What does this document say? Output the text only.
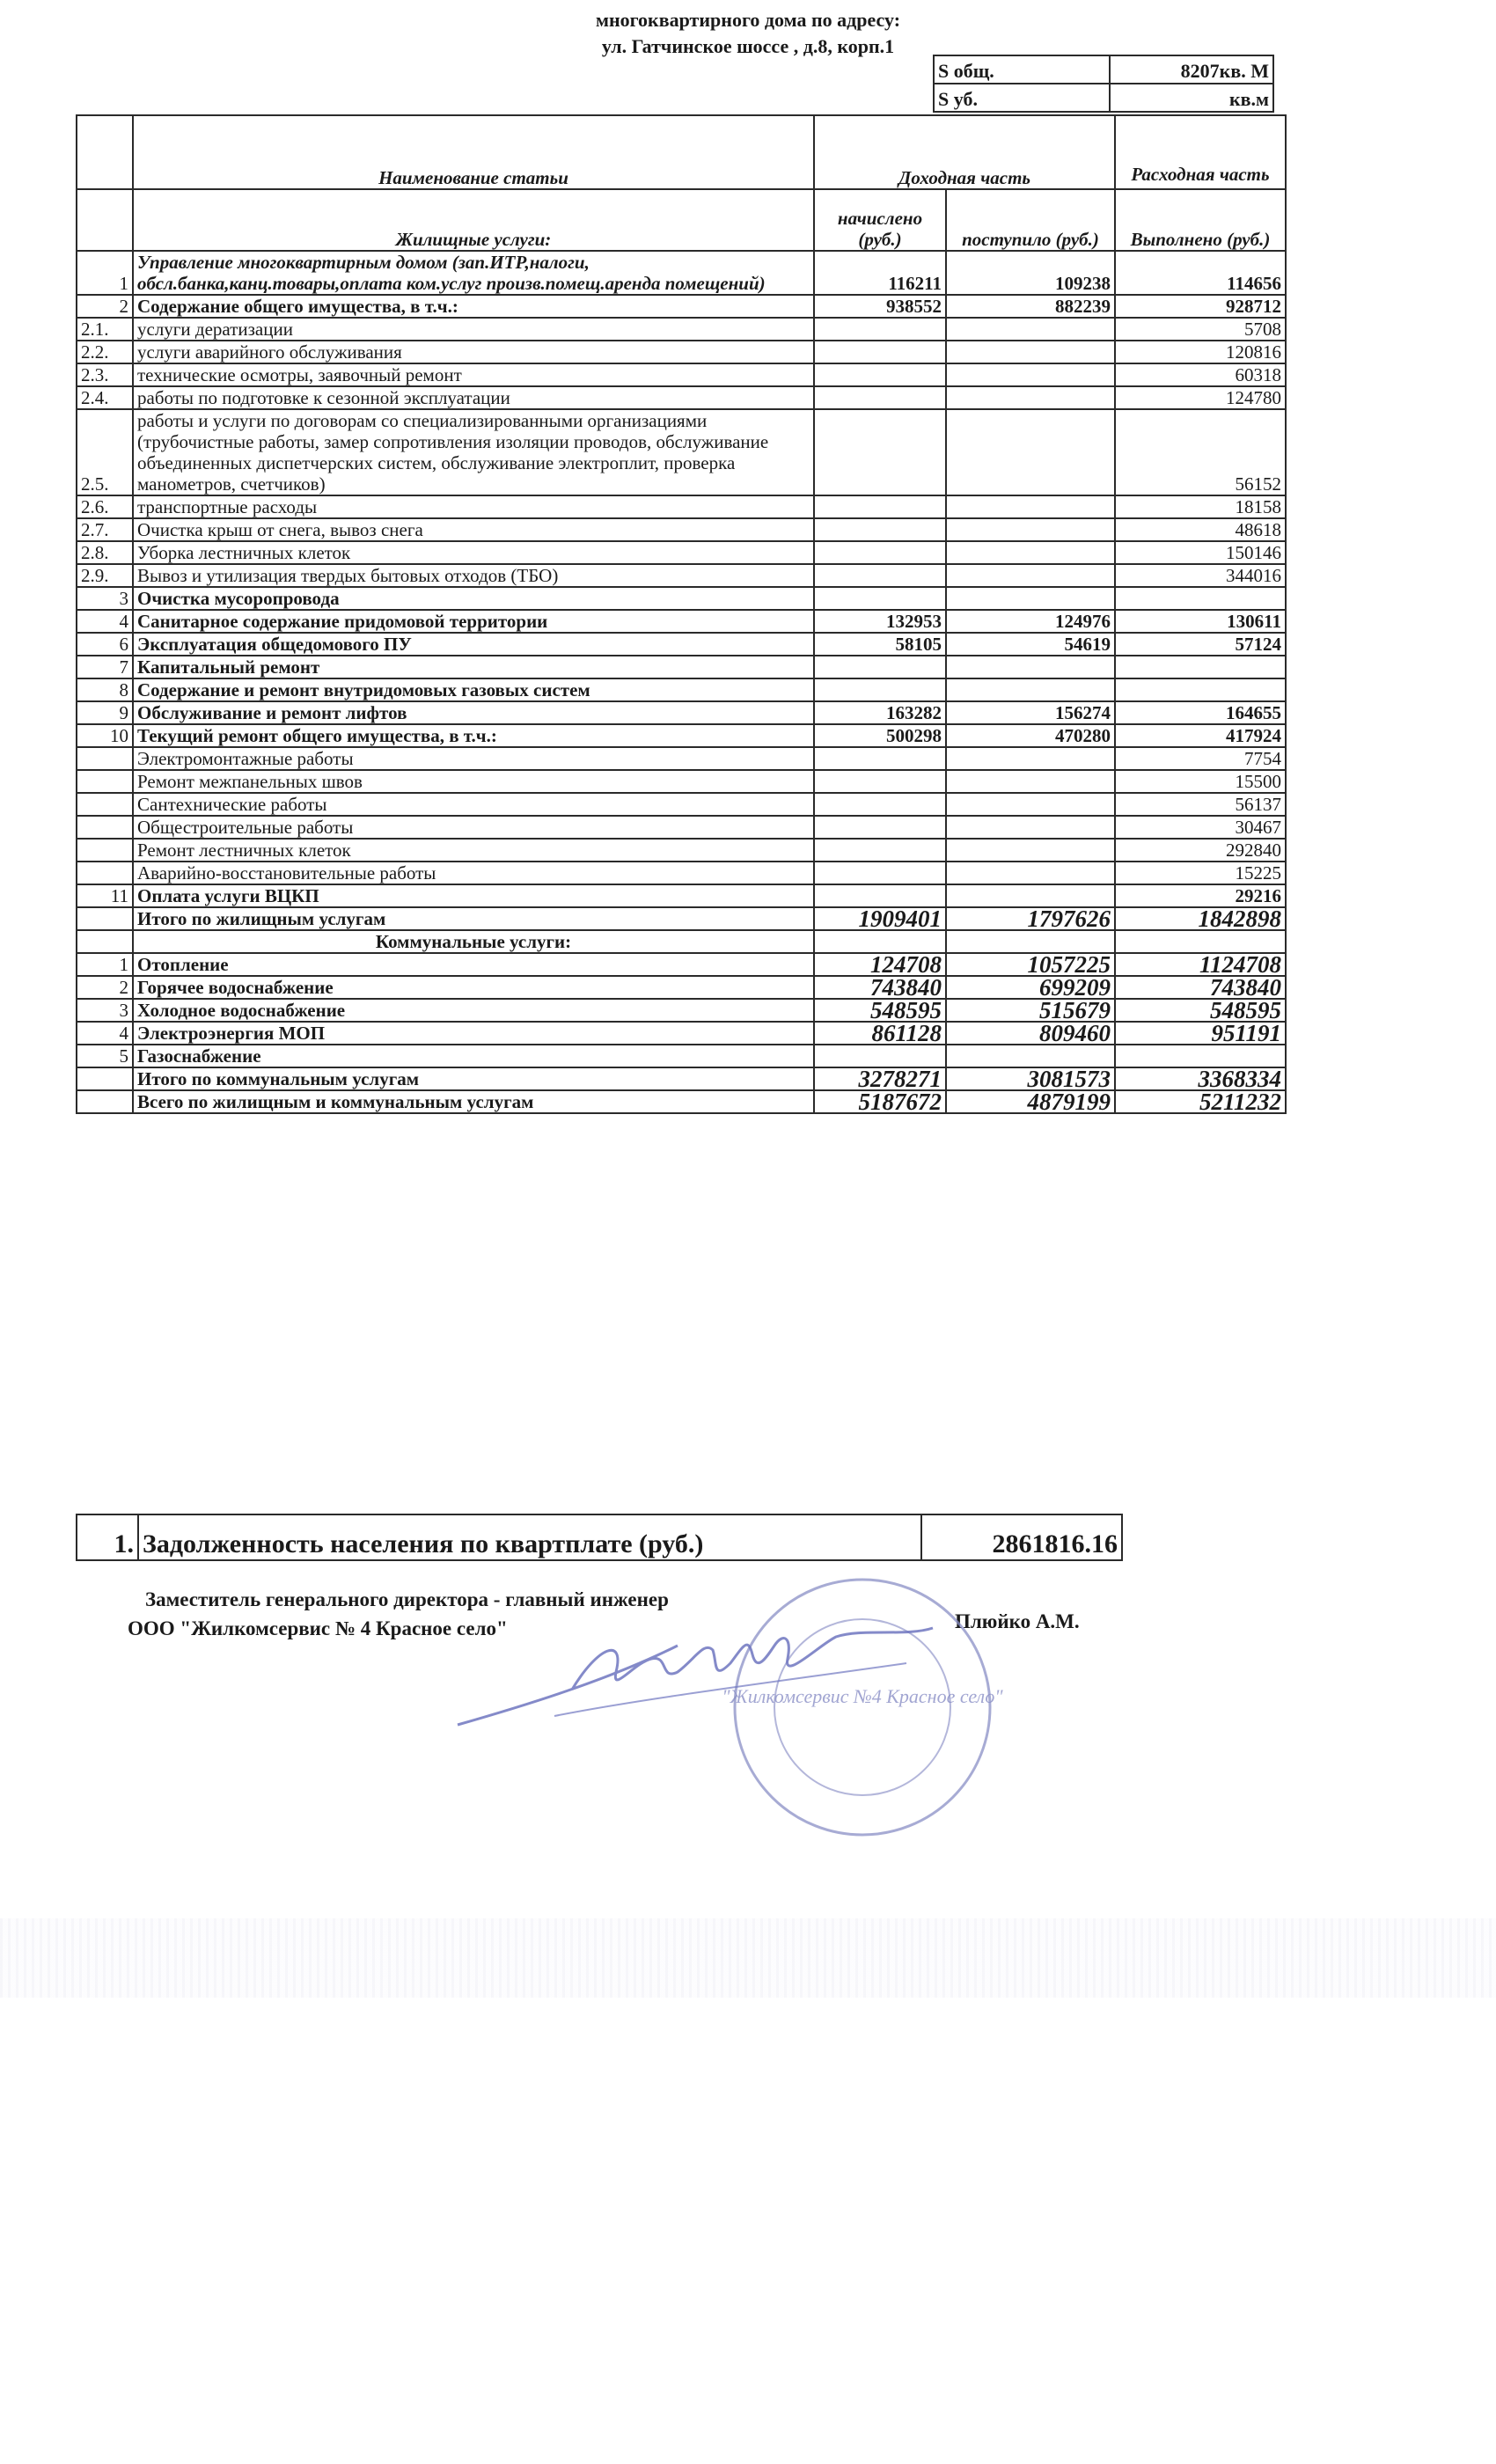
многоквартирного дома по адресу:
ул. Гатчинское шоссе , д.8, корп.1
S общ.	8207кв. М
S уб.	кв.м
	Наименование статьи	Доходная часть		Расходная часть
	Жилищные услуги:	начислено (руб.)	поступило (руб.)	Выполнено (руб.)
1	Управление многоквартирным домом (зап.ИТР,налоги, обсл.банка,канц.товары,оплата ком.услуг произв.помещ.аренда помещений)	116211	109238	114656
2	Содержание общего имущества, в т.ч.:	938552	882239	928712
2.1.	услуги дератизации			5708
2.2.	услуги аварийного обслуживания			120816
2.3.	технические осмотры, заявочный ремонт			60318
2.4.	работы по подготовке к сезонной эксплуатации			124780
2.5.	работы и услуги по договорам со специализированными организациями (трубочистные работы, замер сопротивления изоляции проводов, обслуживание объединенных диспетчерских систем, обслуживание электроплит, проверка манометров, счетчиков)			56152
2.6.	транспортные расходы			18158
2.7.	Очистка крыш от снега, вывоз снега			48618
2.8.	Уборка лестничных клеток			150146
2.9.	Вывоз и утилизация твердых бытовых отходов (ТБО)			344016
3	Очистка мусоропровода			
4	Санитарное содержание придомовой территории	132953	124976	130611
6	Эксплуатация общедомового ПУ	58105	54619	57124
7	Капитальный ремонт			
8	Содержание и ремонт внутридомовых газовых систем			
9	Обслуживание и ремонт лифтов	163282	156274	164655
10	Текущий ремонт общего имущества, в т.ч.:	500298	470280	417924
	Электромонтажные работы			7754
	Ремонт межпанельных швов			15500
	Сантехнические работы			56137
	Общестроительные работы			30467
	Ремонт лестничных клеток			292840
	Аварийно-восстановительные работы			15225
11	Оплата услуги ВЦКП			29216
	Итого по жилищным услугам	1909401	1797626	1842898
	Коммунальные услуги:			
1	Отопление	124708	1057225	1124708
2	Горячее водоснабжение	743840	699209	743840
3	Холодное водоснабжение	548595	515679	548595
4	Электроэнергия МОП	861128	809460	951191
5	Газоснабжение			
	Итого по коммунальным услугам	3278271	3081573	3368334
	Всего по жилищным и коммунальным услугам	5187672	4879199	5211232
1.	Задолженность населения по квартплате (руб.)	2861816.16
Заместитель генерального директора - главный инженер
ООО "Жилкомсервис № 4 Красное село"	Плюйко А.М.
"Жилкомсервис №4 Красное село"
